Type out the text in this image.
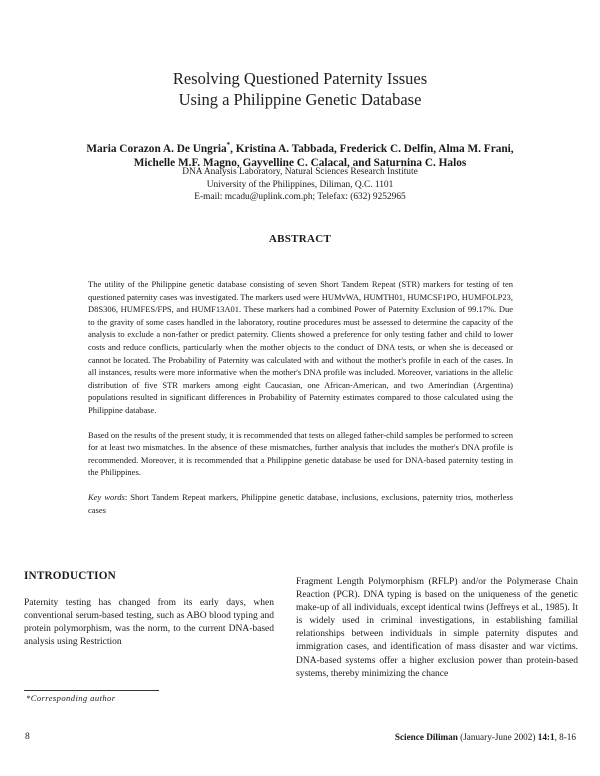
Resolving Questioned Paternity Issues
Using a Philippine Genetic Database
Maria Corazon A. De Ungria*, Kristina A. Tabbada, Frederick C. Delfin, Alma M. Frani,
Michelle M.F. Magno, Gayvelline C. Calacal, and Saturnina C. Halos
DNA Analysis Laboratory, Natural Sciences Research Institute
University of the Philippines, Diliman, Q.C. 1101
E-mail: mcadu@uplink.com.ph; Telefax: (632) 9252965
ABSTRACT

The utility of the Philippine genetic database consisting of seven Short Tandem Repeat (STR) markers for testing of ten questioned paternity cases was investigated. The markers used were HUMvWA, HUMTH01, HUMCSF1PO, HUMFOLP23, D8S306, HUMFES/FPS, and HUMF13A01. These markers had a combined Power of Paternity Exclusion of 99.17%. Due to the gravity of some cases handled in the laboratory, routine procedures must be assessed to determine the capacity of the analysis to exclude a non-father or predict paternity. Clients showed a preference for only testing father and child to lower costs and reduce conflicts, particularly when the mother objects to the conduct of DNA tests, or when she is deceased or cannot be located. The Probability of Paternity was calculated with and without the mother's profile in each of the cases. In all instances, results were more informative when the mother's DNA profile was included. Moreover, variations in the allelic distribution of five STR markers among eight Caucasian, one African-American, and two Amerindian (Argentina) populations resulted in significant differences in Probability of Paternity estimates compared to those calculated using the Philippine database.

Based on the results of the present study, it is recommended that tests on alleged father-child samples be performed to screen for at least two mismatches. In the absence of these mismatches, further analysis that includes the mother's DNA profile is recommended. Moreover, it is recommended that a Philippine genetic database be used for DNA-based paternity testing in the Philippines.

Key words: Short Tandem Repeat markers, Philippine genetic database, inclusions, exclusions, paternity trios, motherless cases

INTRODUCTION

Paternity testing has changed from its early days, when conventional serum-based testing, such as ABO blood typing and protein polymorphism, was the norm, to the current DNA-based analysis using Restriction

Fragment Length Polymorphism (RFLP) and/or the Polymerase Chain Reaction (PCR). DNA typing is based on the uniqueness of the genetic make-up of all individuals, except identical twins (Jeffreys et al., 1985). It is widely used in criminal investigations, in establishing familial relationships between individuals in simple paternity disputes and immigration cases, and identification of mass disaster and war victims. DNA-based systems offer a higher exclusion power than protein-based systems, thereby minimizing the chance

*Corresponding author
8	Science Diliman (January-June 2002) 14:1, 8-16
